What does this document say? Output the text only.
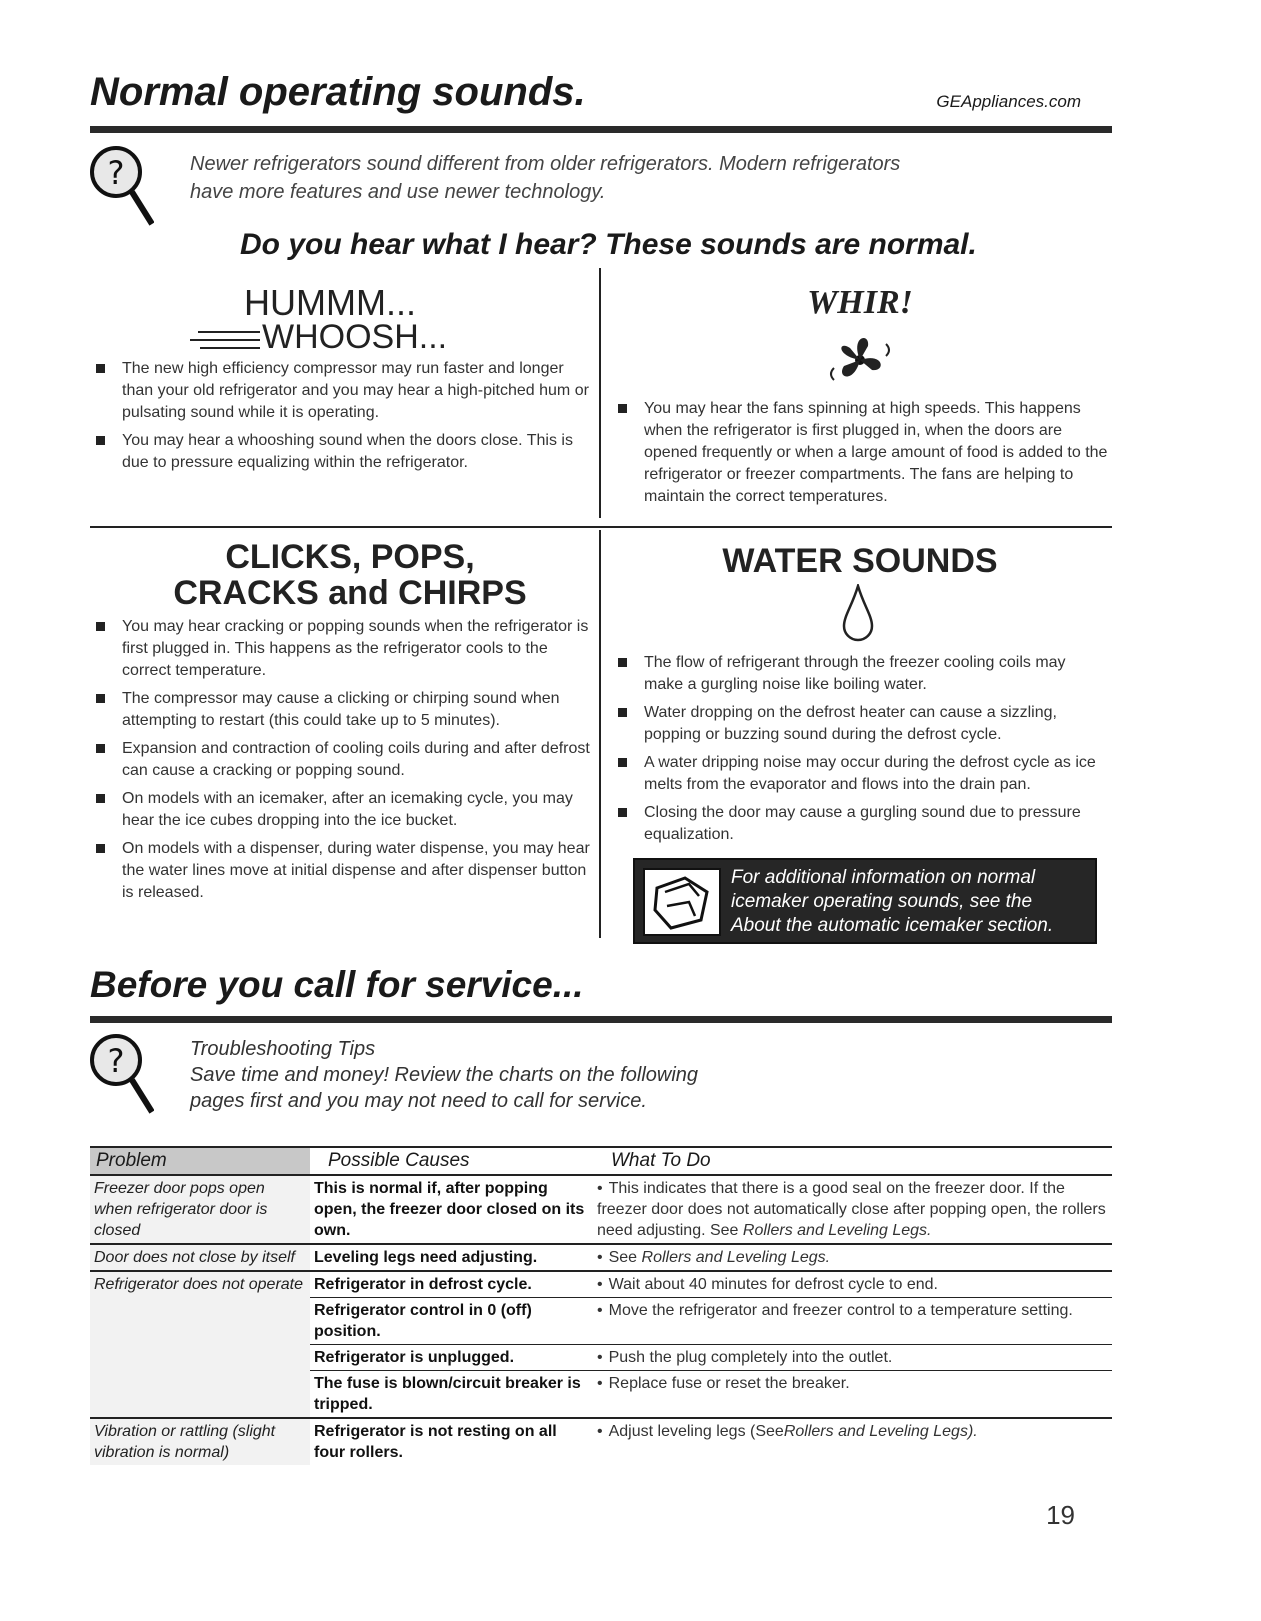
Normal operating sounds.	GEAppliances.com
?	Newer refrigerators sound different from older refrigerators. Modern refrigerators
have more features and use newer technology.
Do you hear what I hear? These sounds are normal.
HUMMM...
WHOOSH...
The new high efficiency compressor may run faster and longer than your old refrigerator and you may hear a high-pitched hum or pulsating sound while it is operating.
You may hear a whooshing sound when the doors close. This is due to pressure equalizing within the refrigerator.
WHIR!
You may hear the fans spinning at high speeds. This happens when the refrigerator is first plugged in, when the doors are opened frequently or when a large amount of food is added to the refrigerator or freezer compartments. The fans are helping to maintain the correct temperatures.
CLICKS, POPS,
CRACKS and CHIRPS
You may hear cracking or popping sounds when the refrigerator is first plugged in. This happens as the refrigerator cools to the correct temperature.
The compressor may cause a clicking or chirping sound when attempting to restart (this could take up to 5 minutes).
Expansion and contraction of cooling coils during and after defrost can cause a cracking or popping sound.
On models with an icemaker, after an icemaking cycle, you may hear the ice cubes dropping into the ice bucket.
On models with a dispenser, during water dispense, you may hear the water lines move at initial dispense and after dispenser button is released.
WATER SOUNDS
The flow of refrigerant through the freezer cooling coils may make a gurgling noise like boiling water.
Water dropping on the defrost heater can cause a sizzling, popping or buzzing sound during the defrost cycle.
A water dripping noise may occur during the defrost cycle as ice melts from the evaporator and flows into the drain pan.
Closing the door may cause a gurgling sound due to pressure equalization.
For additional information on normal
icemaker operating sounds, see the
About the automatic icemaker section.
Before you call for service...
?	Troubleshooting Tips
Save time and money! Review the charts on the following
pages first and you may not need to call for service.
Problem	Possible Causes	What To Do
Freezer door pops open when refrigerator door is closed	This is normal if, after popping open, the freezer door closed on its own.	• This indicates that there is a good seal on the freezer door. If the freezer door does not automatically close after popping open, the rollers need adjusting. See Rollers and Leveling Legs.
Door does not close by itself	Leveling legs need adjusting.	• See Rollers and Leveling Legs.
Refrigerator does not operate	Refrigerator in defrost cycle.	• Wait about 40 minutes for defrost cycle to end.
	Refrigerator control in 0 (off) position.	• Move the refrigerator and freezer control to a temperature setting.
	Refrigerator is unplugged.	• Push the plug completely into the outlet.
	The fuse is blown/circuit breaker is tripped.	• Replace fuse or reset the breaker.
Vibration or rattling (slight vibration is normal)	Refrigerator is not resting on all four rollers.	• Adjust leveling legs (SeeRollers and Leveling Legs).
19
